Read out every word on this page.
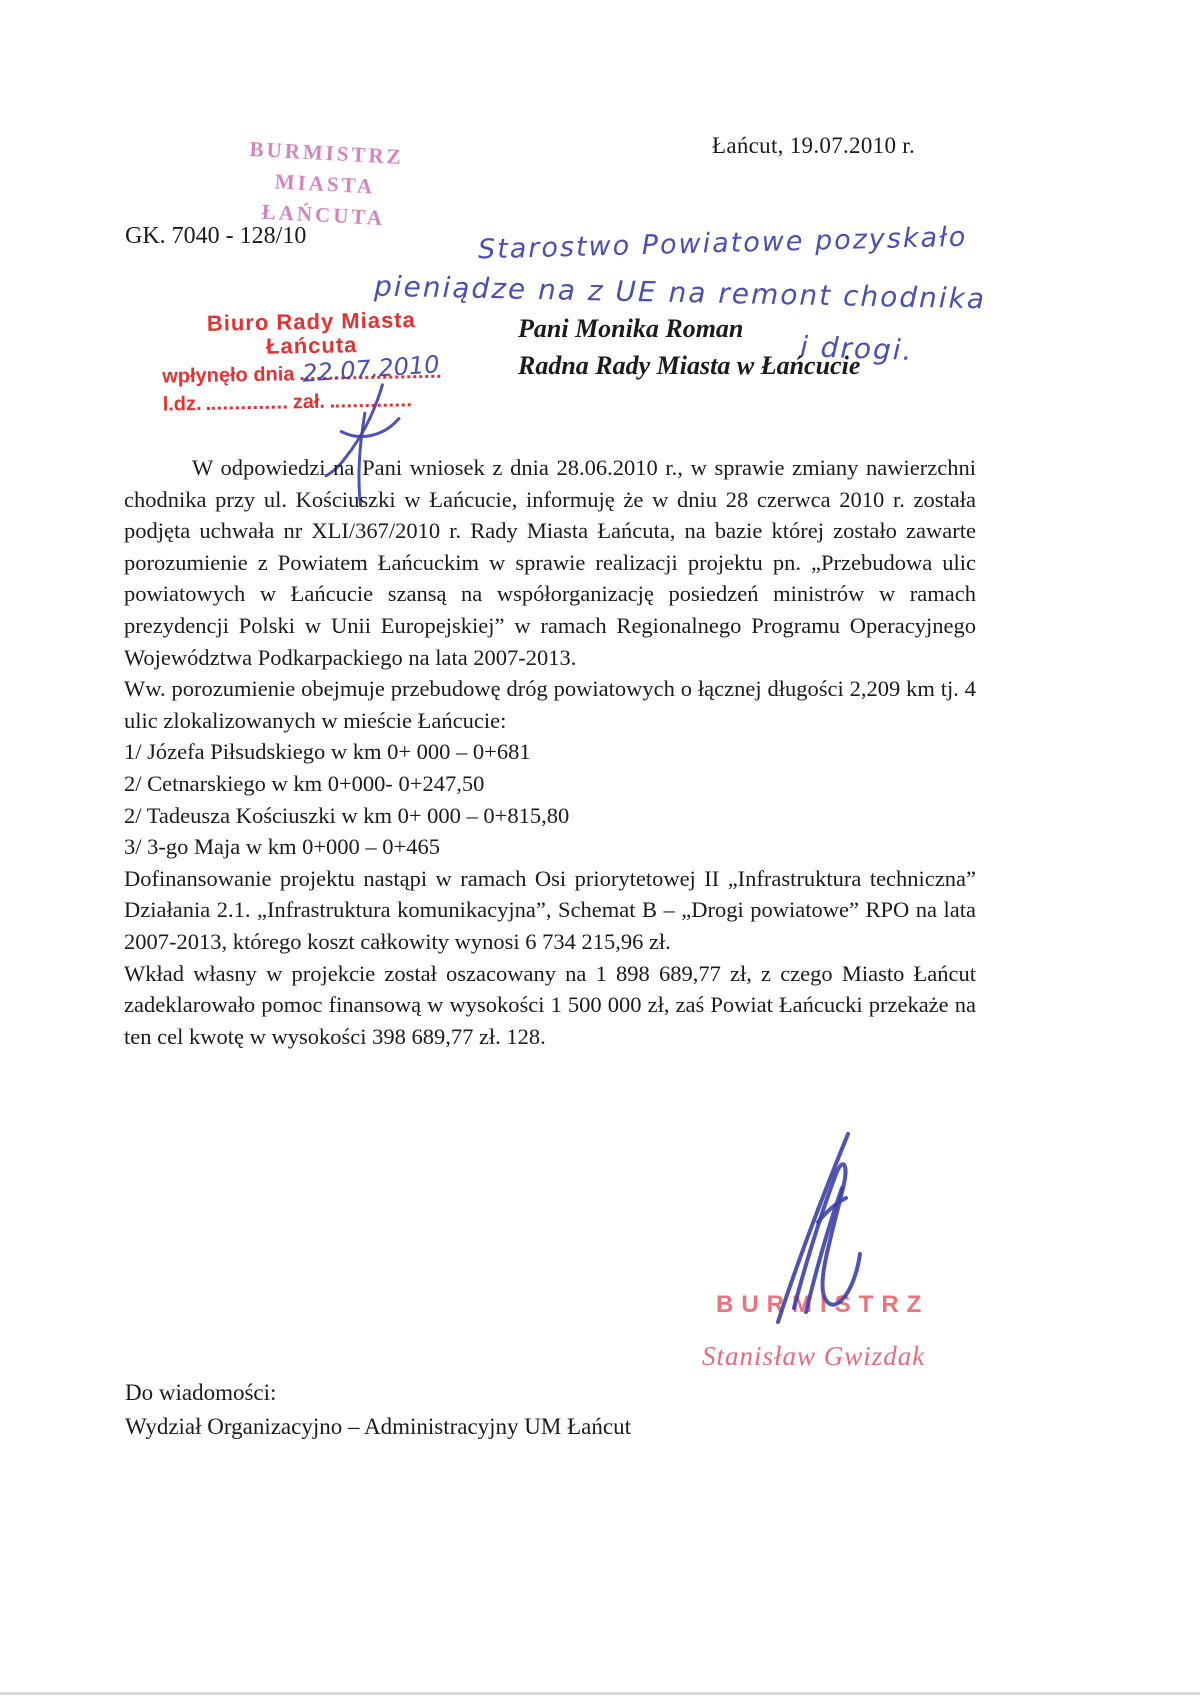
Łańcut, 19.07.2010 r.
BURMISTRZ
MIASTA ŁAŃCUTA
GK. 7040 - 128/10	Starostwo Powiatowe pozyskało
pieniądze na z UE na remont chodnika
i drogi.
Biuro Rady Miasta
Łańcuta
wpłynęło dnia
l.dz.	zał.
22.07.2010
Pani Monika Roman
Radna Rady Miasta w Łańcucie

W odpowiedzi na Pani wniosek z dnia 28.06.2010 r., w sprawie zmiany nawierzchni chodnika przy ul. Kościuszki w Łańcucie, informuję że w dniu 28 czerwca 2010 r. została podjęta uchwała nr XLI/367/2010 r. Rady Miasta Łańcuta, na bazie której zostało zawarte porozumienie z Powiatem Łańcuckim w sprawie realizacji projektu pn. „Przebudowa ulic powiatowych w Łańcucie szansą na współorganizację posiedzeń ministrów w ramach prezydencji Polski w Unii Europejskiej” w ramach Regionalnego Programu Operacyjnego Województwa Podkarpackiego na lata 2007-2013.

Ww. porozumienie obejmuje przebudowę dróg powiatowych o łącznej długości 2,209 km tj. 4 ulic zlokalizowanych w mieście Łańcucie:

1/ Józefa Piłsudskiego w km 0+ 000 – 0+681

2/ Cetnarskiego w km 0+000- 0+247,50

2/ Tadeusza Kościuszki w km 0+ 000 – 0+815,80

3/ 3-go Maja w km 0+000 – 0+465

Dofinansowanie projektu nastąpi w ramach Osi priorytetowej II „Infrastruktura techniczna” Działania 2.1. „Infrastruktura komunikacyjna”, Schemat B – „Drogi powiatowe” RPO na lata 2007-2013, którego koszt całkowity wynosi 6 734 215,96 zł.

Wkład własny w projekcie został oszacowany na 1 898 689,77 zł, z czego Miasto Łańcut zadeklarowało pomoc finansową w wysokości 1 500 000 zł, zaś Powiat Łańcucki przekaże na ten cel kwotę w wysokości 398 689,77 zł. 128.

BURMISTRZ
Stanisław Gwizdak
Do wiadomości:
Wydział Organizacyjno – Administracyjny UM Łańcut
